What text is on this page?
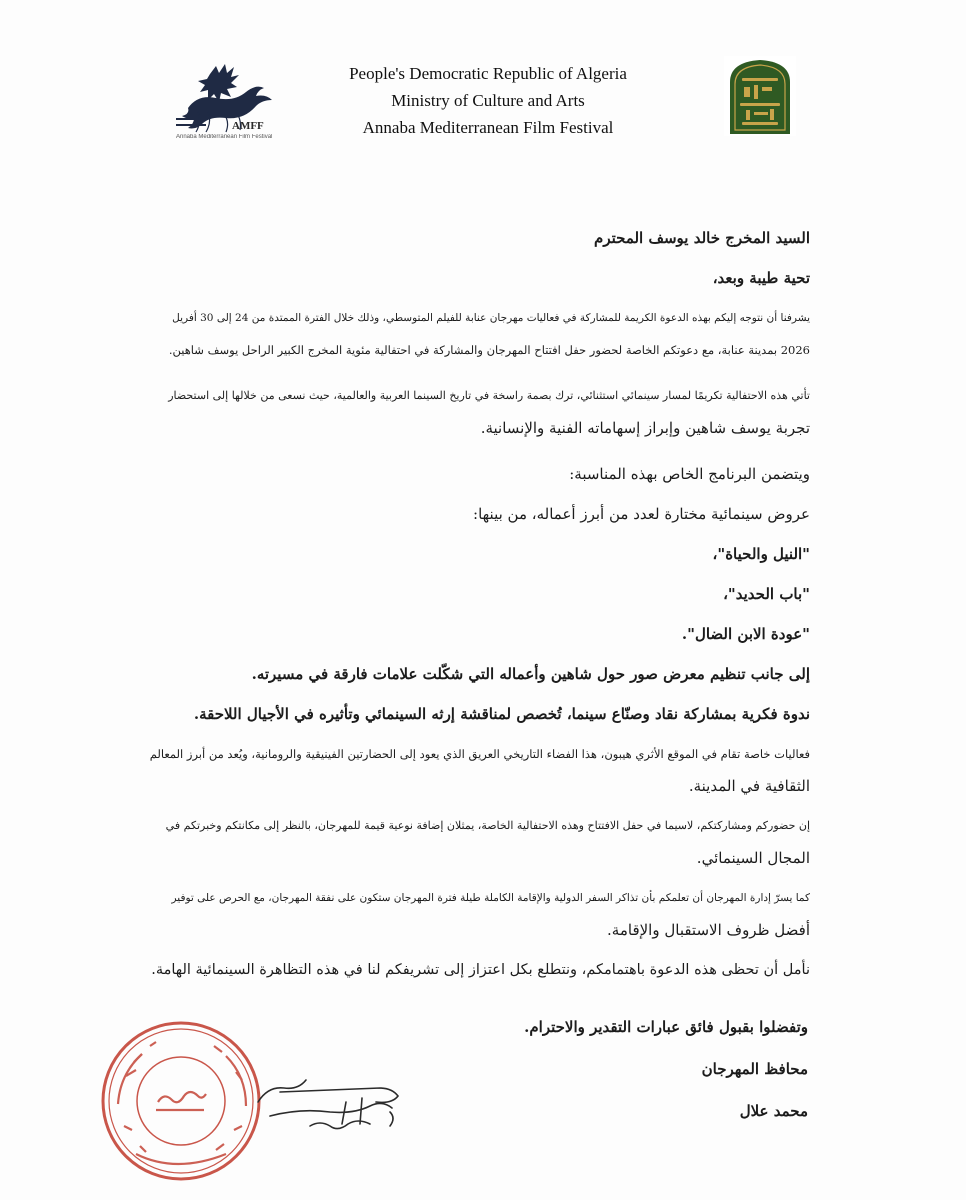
AMFF
Annaba Mediterranean Film Festival
People's Democratic Republic of Algeria
Ministry of Culture and Arts
Annaba Mediterranean Film Festival

السيد المخرج خالد يوسف المحترم

تحية طيبة وبعد،

يشرفنا أن نتوجه إليكم بهذه الدعوة الكريمة للمشاركة في فعاليات مهرجان عنابة للفيلم المتوسطي، وذلك خلال الفترة الممتدة من 24 إلى 30 أفريل

2026 بمدينة عنابة، مع دعوتكم الخاصة لحضور حفل افتتاح المهرجان والمشاركة في احتفالية مئوية المخرج الكبير الراحل يوسف شاهين.

تأتي هذه الاحتفالية تكريمًا لمسار سينمائي استثنائي، ترك بصمة راسخة في تاريخ السينما العربية والعالمية، حيث نسعى من خلالها إلى استحضار

تجربة يوسف شاهين وإبراز إسهاماته الفنية والإنسانية.

ويتضمن البرنامج الخاص بهذه المناسبة:

عروض سينمائية مختارة لعدد من أبرز أعماله، من بينها:

"النيل والحياة"،

"باب الحديد"،

"عودة الابن الضال".

إلى جانب تنظيم معرض صور حول شاهين وأعماله التي شكّلت علامات فارقة في مسيرته.

ندوة فكرية بمشاركة نقاد وصنّاع سينما، تُخصص لمناقشة إرثه السينمائي وتأثيره في الأجيال اللاحقة.

فعاليات خاصة تقام في الموقع الأثري هيبون، هذا الفضاء التاريخي العريق الذي يعود إلى الحضارتين الفينيقية والرومانية، ويُعد من أبرز المعالم

الثقافية في المدينة.

إن حضوركم ومشاركتكم، لاسيما في حفل الافتتاح وهذه الاحتفالية الخاصة، يمثلان إضافة نوعية قيمة للمهرجان، بالنظر إلى مكانتكم وخبرتكم في

المجال السينمائي.

كما يسرّ إدارة المهرجان أن تعلمكم بأن تذاكر السفر الدولية والإقامة الكاملة طيلة فترة المهرجان ستكون على نفقة المهرجان، مع الحرص على توفير

أفضل ظروف الاستقبال والإقامة.

نأمل أن تحظى هذه الدعوة باهتمامكم، ونتطلع بكل اعتزاز إلى تشريفكم لنا في هذه التظاهرة السينمائية الهامة.

وتفضلوا بقبول فائق عبارات التقدير والاحترام.

محافظ المهرجان

محمد علال
